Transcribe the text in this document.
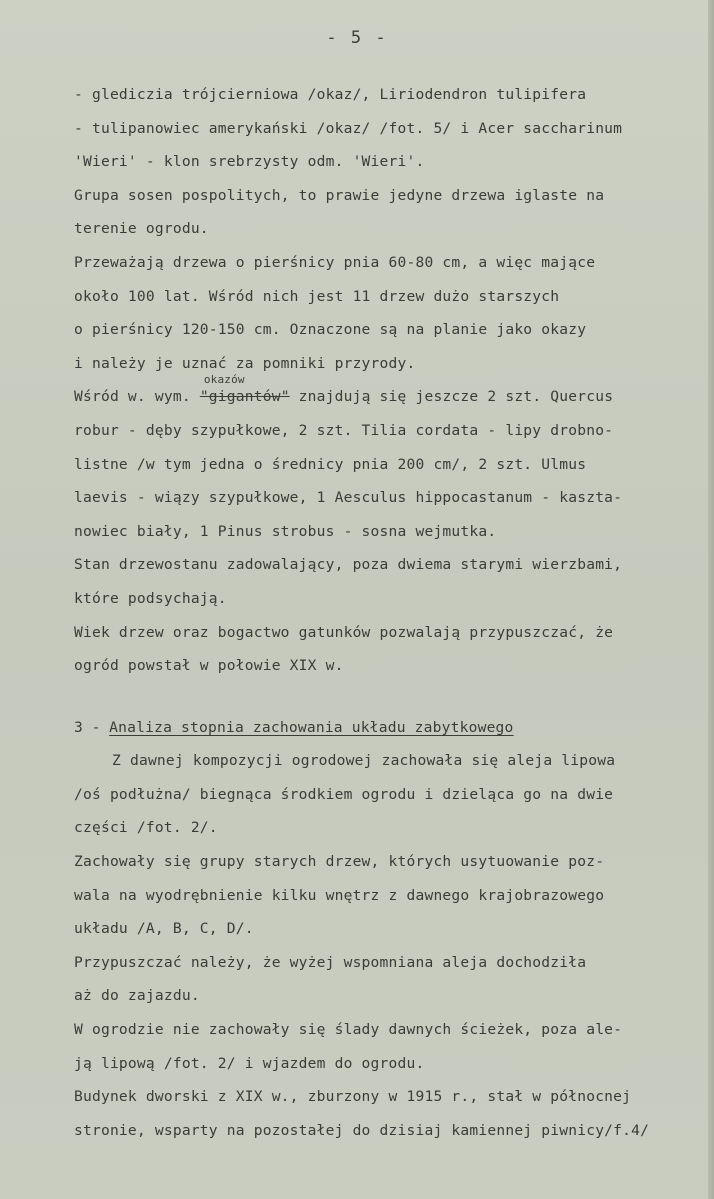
- 5 -
- glediczia trójcierniowa /okaz/, Liriodendron tulipifera
- tulipanowiec amerykański /okaz/ /fot. 5/ i Acer saccharinum
'Wieri' - klon srebrzysty odm. 'Wieri'.
Grupa sosen pospolitych, to prawie jedyne drzewa iglaste na
terenie ogrodu.
Przeważają drzewa o pierśnicy pnia 60-80 cm, a więc mające
około 100 lat. Wśród nich jest 11 drzew dużo starszych
o pierśnicy 120-150 cm. Oznaczone są na planie jako okazy
i należy je uznać za pomniki przyrody.
Wśród w. wym.
okazów
"gigantów" znajdują się jeszcze 2 szt. Quercus
robur - dęby szypułkowe, 2 szt. Tilia cordata - lipy drobno-
listne /w tym jedna o średnicy pnia 200 cm/, 2 szt. Ulmus
laevis - wiązy szypułkowe, 1 Aesculus hippocastanum - kaszta-
nowiec biały, 1 Pinus strobus - sosna wejmutka.
Stan drzewostanu zadowalający, poza dwiema starymi wierzbami,
które podsychają.
Wiek drzew oraz bogactwo gatunków pozwalają przypuszczać, że
ogród powstał w połowie XIX w.
3 - Analiza stopnia zachowania układu zabytkowego
Z dawnej kompozycji ogrodowej zachowała się aleja lipowa
/oś podłużna/ biegnąca środkiem ogrodu i dzieląca go na dwie
części /fot. 2/.
Zachowały się grupy starych drzew, których usytuowanie poz-
wala na wyodrębnienie kilku wnętrz z dawnego krajobrazowego
układu /A, B, C, D/.
Przypuszczać należy, że wyżej wspomniana aleja dochodziła
aż do zajazdu.
W ogrodzie nie zachowały się ślady dawnych ścieżek, poza ale-
ją lipową /fot. 2/ i wjazdem do ogrodu.
Budynek dworski z XIX w., zburzony w 1915 r., stał w północnej
stronie, wsparty na pozostałej do dzisiaj kamiennej piwnicy/f.4/
